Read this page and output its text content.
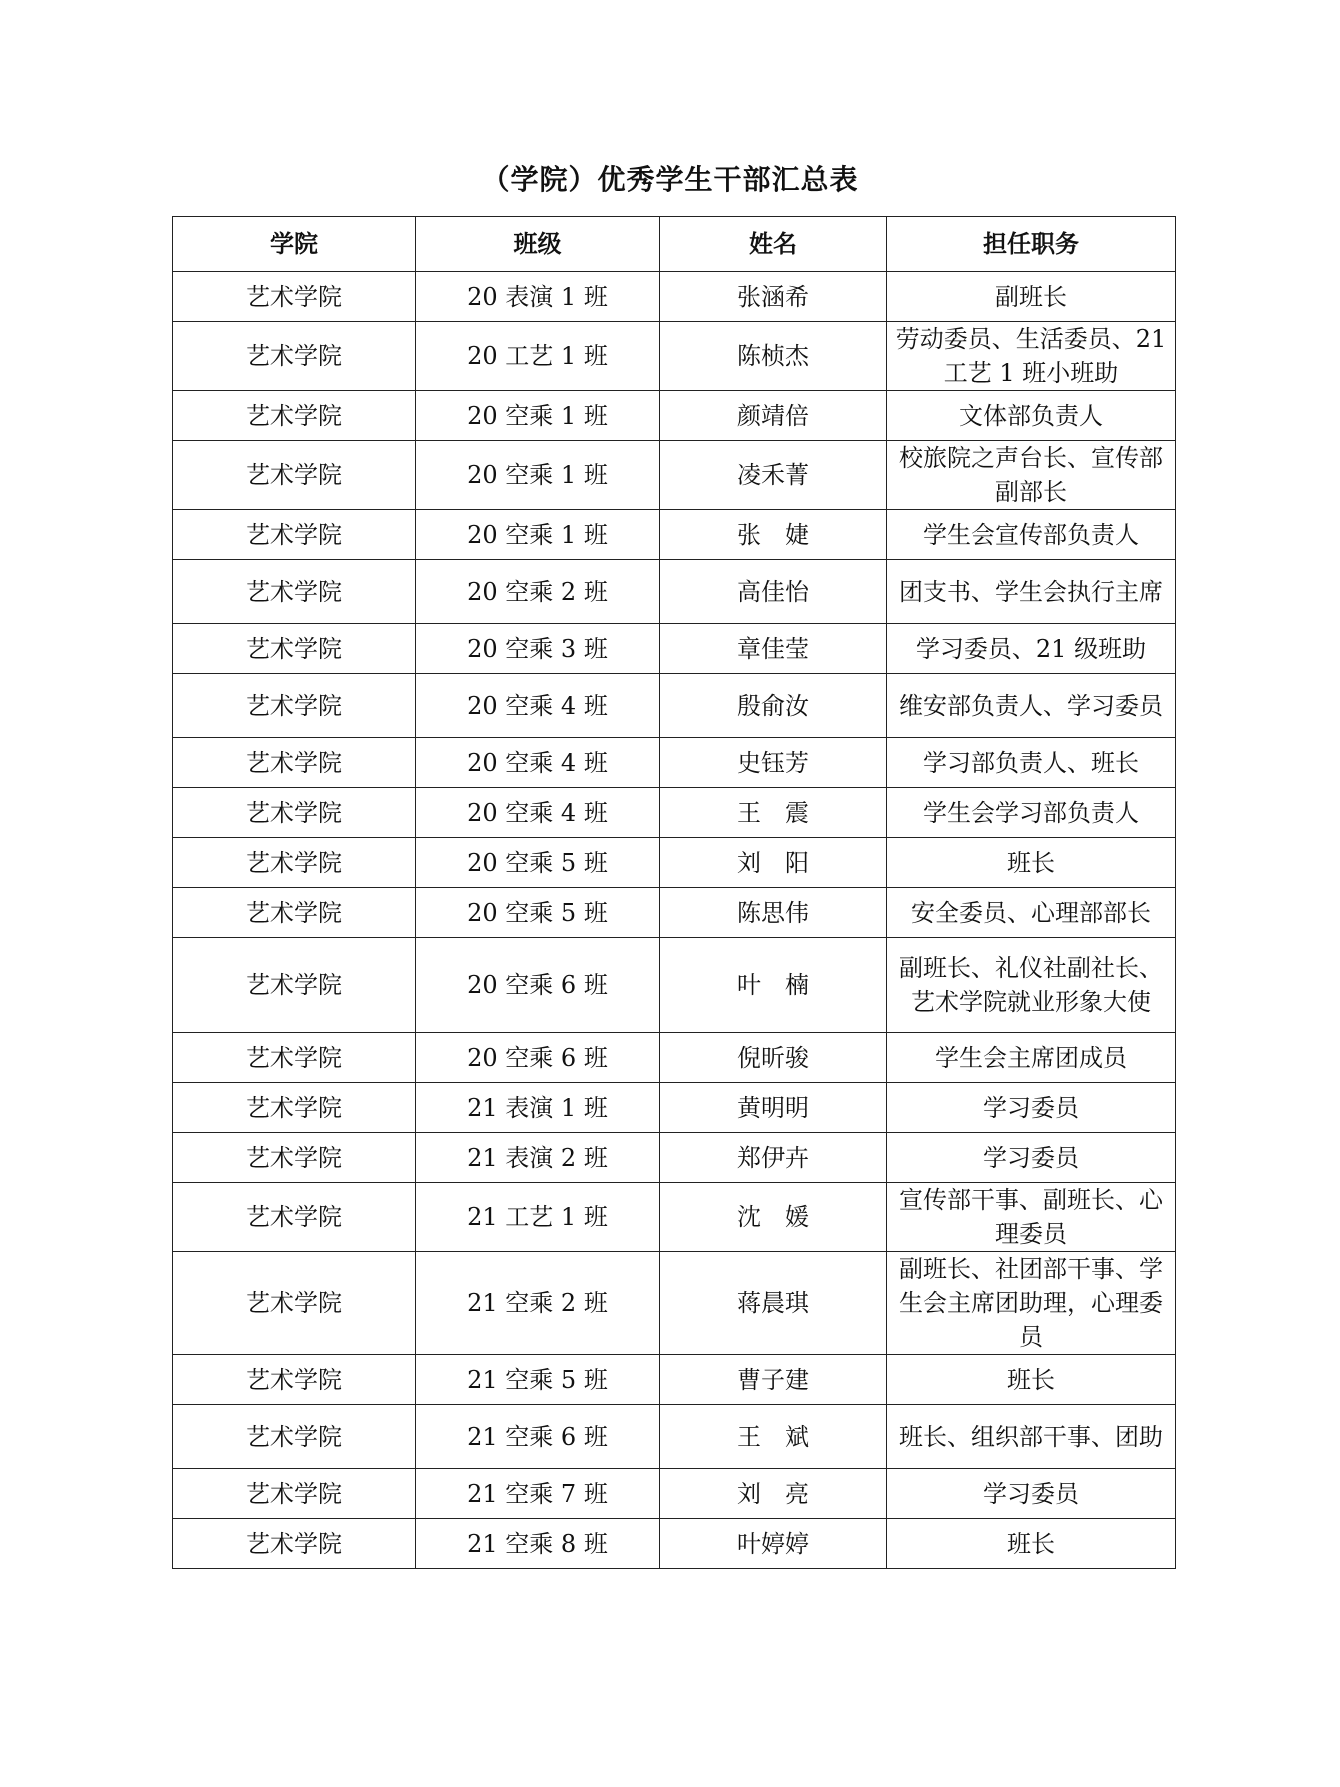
（学院）优秀学生干部汇总表
学院	班级	姓名	担任职务
艺术学院	20 表演 1 班	张涵希	副班长
艺术学院	20 工艺 1 班	陈桢杰	劳动委员、生活委员、21 工艺 1 班小班助
艺术学院	20 空乘 1 班	颜靖倍	文体部负责人
艺术学院	20 空乘 1 班	凌禾菁	校旅院之声台长、宣传部副部长
艺术学院	20 空乘 1 班	张　婕	学生会宣传部负责人
艺术学院	20 空乘 2 班	高佳怡	团支书、学生会执行主席
艺术学院	20 空乘 3 班	章佳莹	学习委员、21 级班助
艺术学院	20 空乘 4 班	殷俞汝	维安部负责人、学习委员
艺术学院	20 空乘 4 班	史钰芳	学习部负责人、班长
艺术学院	20 空乘 4 班	王　震	学生会学习部负责人
艺术学院	20 空乘 5 班	刘　阳	班长
艺术学院	20 空乘 5 班	陈思伟	安全委员、心理部部长
艺术学院	20 空乘 6 班	叶　楠	副班长、礼仪社副社长、艺术学院就业形象大使
艺术学院	20 空乘 6 班	倪昕骏	学生会主席团成员
艺术学院	21 表演 1 班	黄明明	学习委员
艺术学院	21 表演 2 班	郑伊卉	学习委员
艺术学院	21 工艺 1 班	沈　媛	宣传部干事、副班长、心理委员
艺术学院	21 空乘 2 班	蒋晨琪	副班长、社团部干事、学生会主席团助理，心理委员
艺术学院	21 空乘 5 班	曹子建	班长
艺术学院	21 空乘 6 班	王　斌	班长、组织部干事、团助
艺术学院	21 空乘 7 班	刘　亮	学习委员
艺术学院	21 空乘 8 班	叶婷婷	班长
